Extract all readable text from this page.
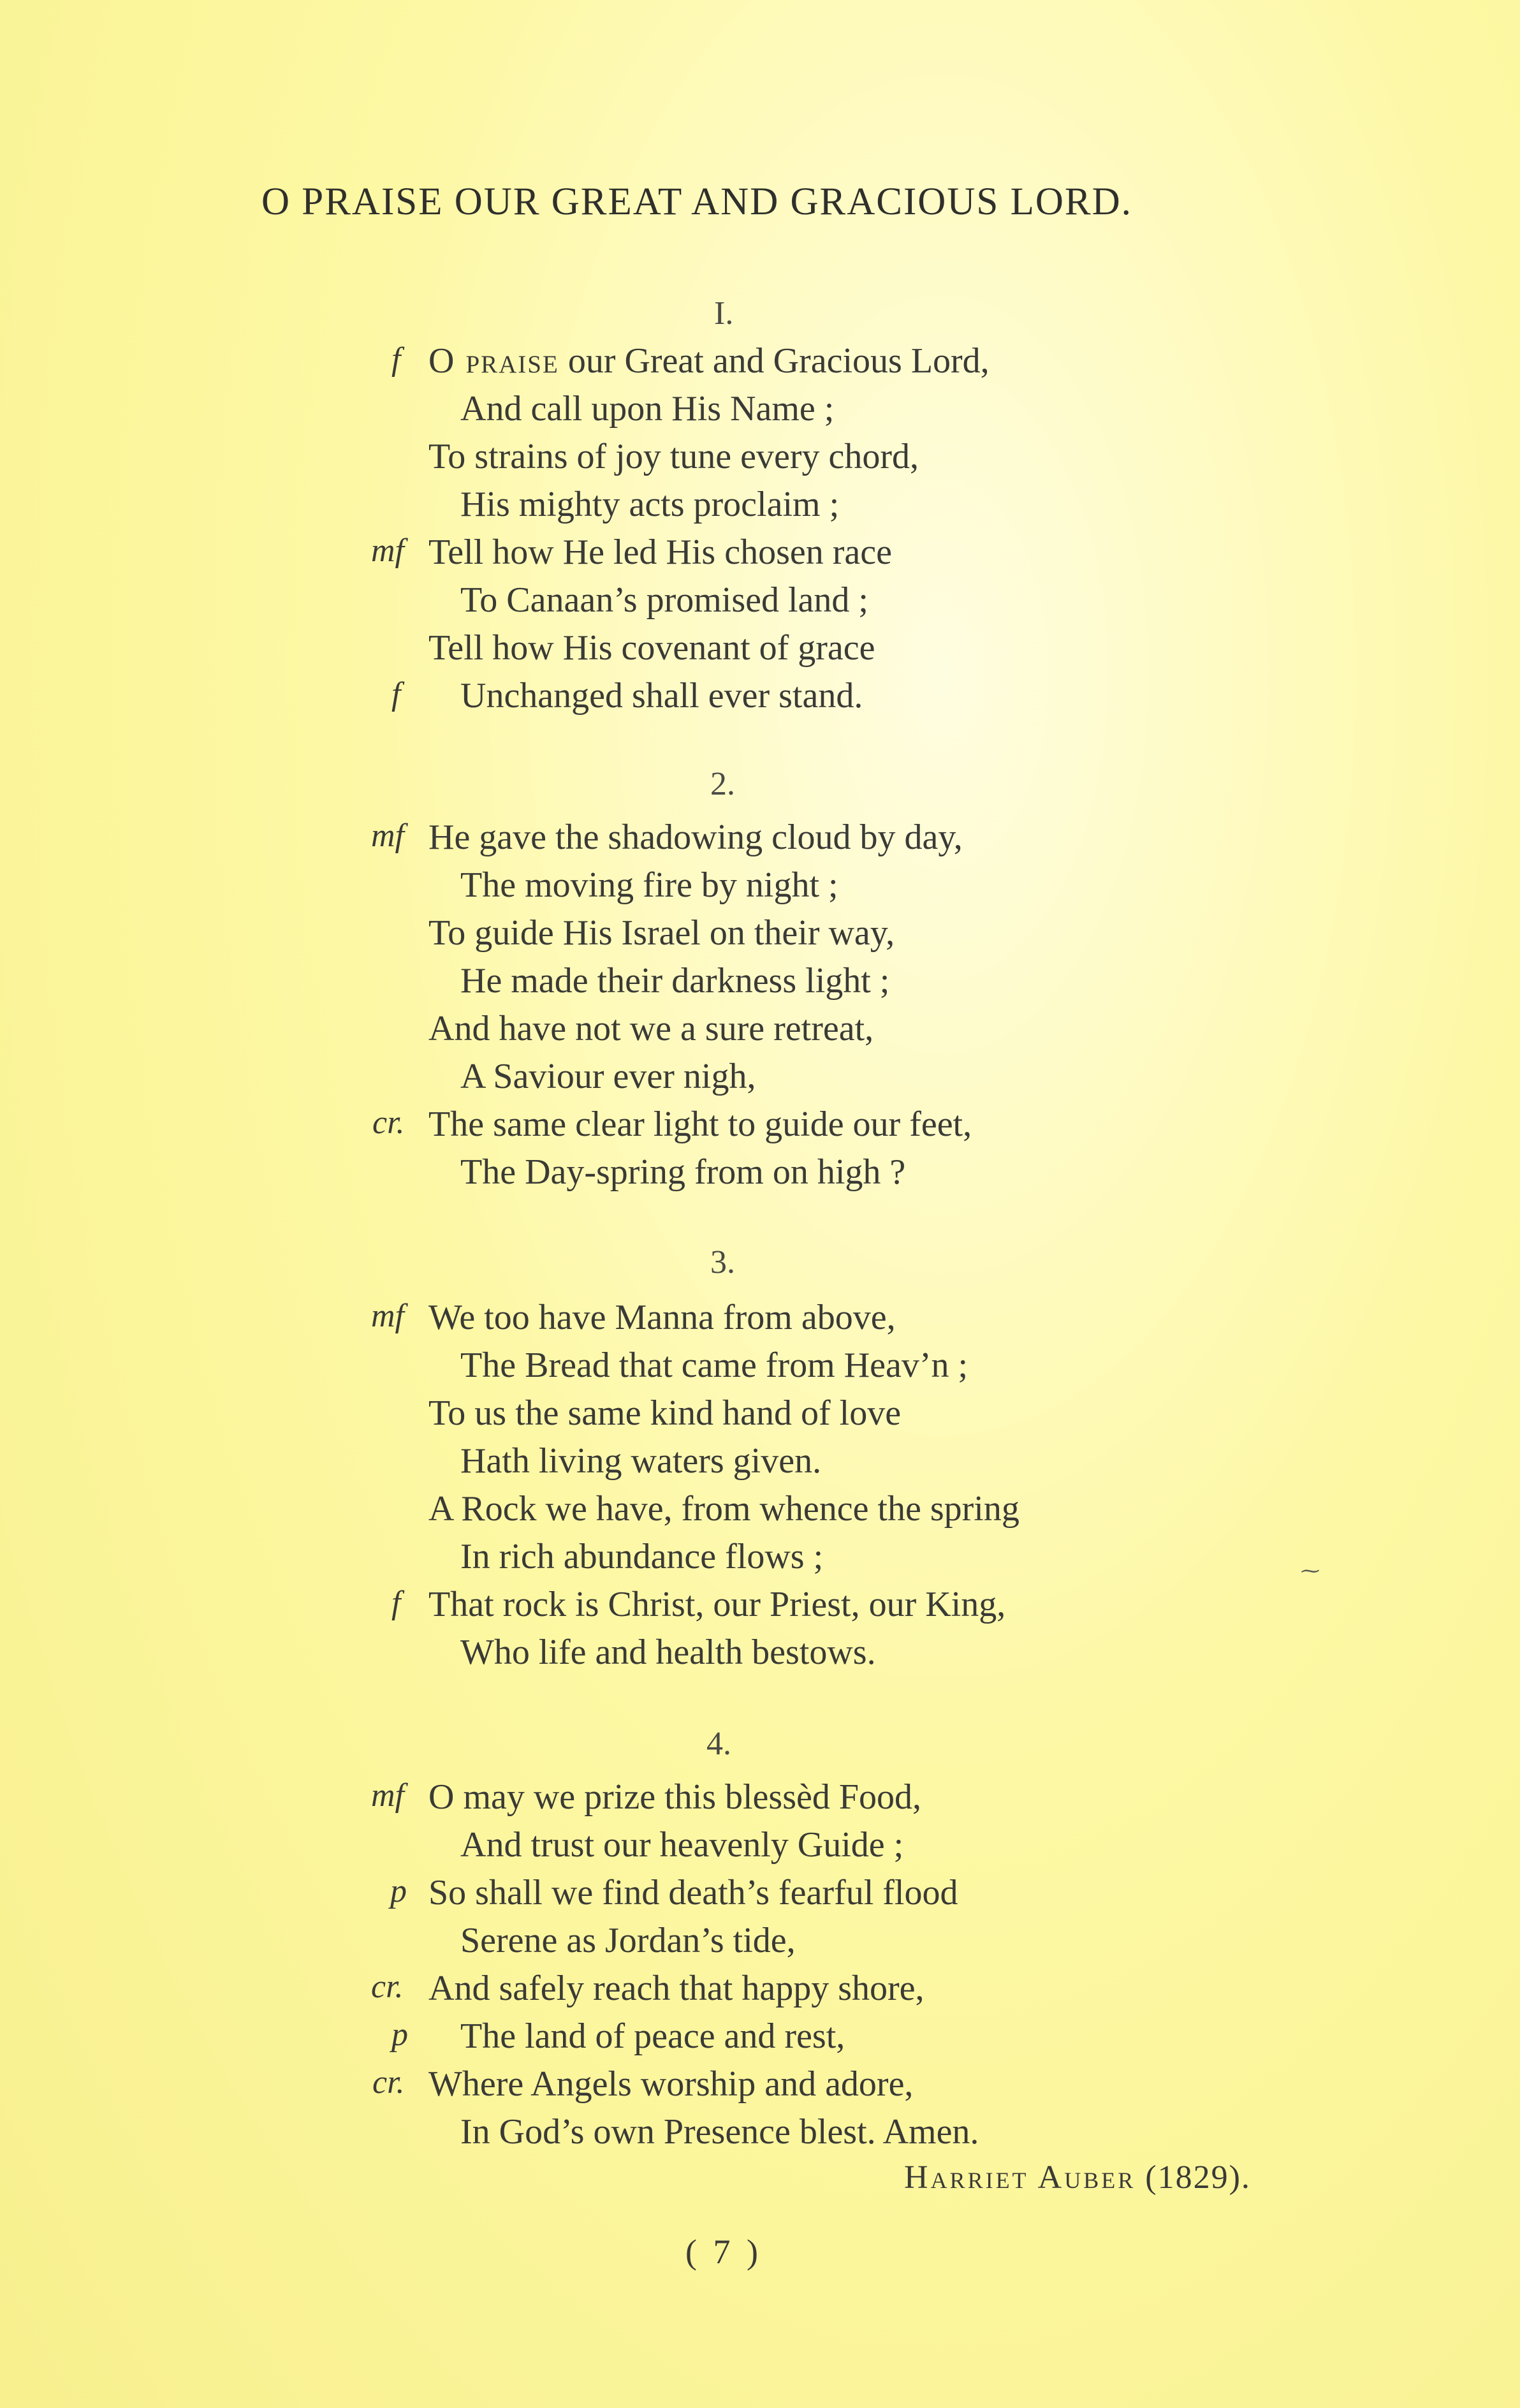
O PRAISE OUR GREAT AND GRACIOUS LORD.
I.
f O praise our Great and Gracious Lord,
And call upon His Name ;
To strains of joy tune every chord,
His mighty acts proclaim ;
mf Tell how He led His chosen race
To Canaan’s promised land ;
Tell how His covenant of grace
f Unchanged shall ever stand.
2.
mf He gave the shadowing cloud by day,
The moving fire by night ;
To guide His Israel on their way,
He made their darkness light ;
And have not we a sure retreat,
A Saviour ever nigh,
cr. The same clear light to guide our feet,
The Day-spring from on high ?
3.
mf We too have Manna from above,
The Bread that came from Heav’n ;
To us the same kind hand of love
Hath living waters given.
A Rock we have, from whence the spring
In rich abundance flows ;
f That rock is Christ, our Priest, our King,
Who life and health bestows.
⁓
4.
mf O may we prize this blessèd Food,
And trust our heavenly Guide ;
p So shall we find death’s fearful flood
Serene as Jordan’s tide,
cr. And safely reach that happy shore,
p The land of peace and rest,
cr. Where Angels worship and adore,
In God’s own Presence blest. Amen.
Harriet Auber (1829).
( 7 )
